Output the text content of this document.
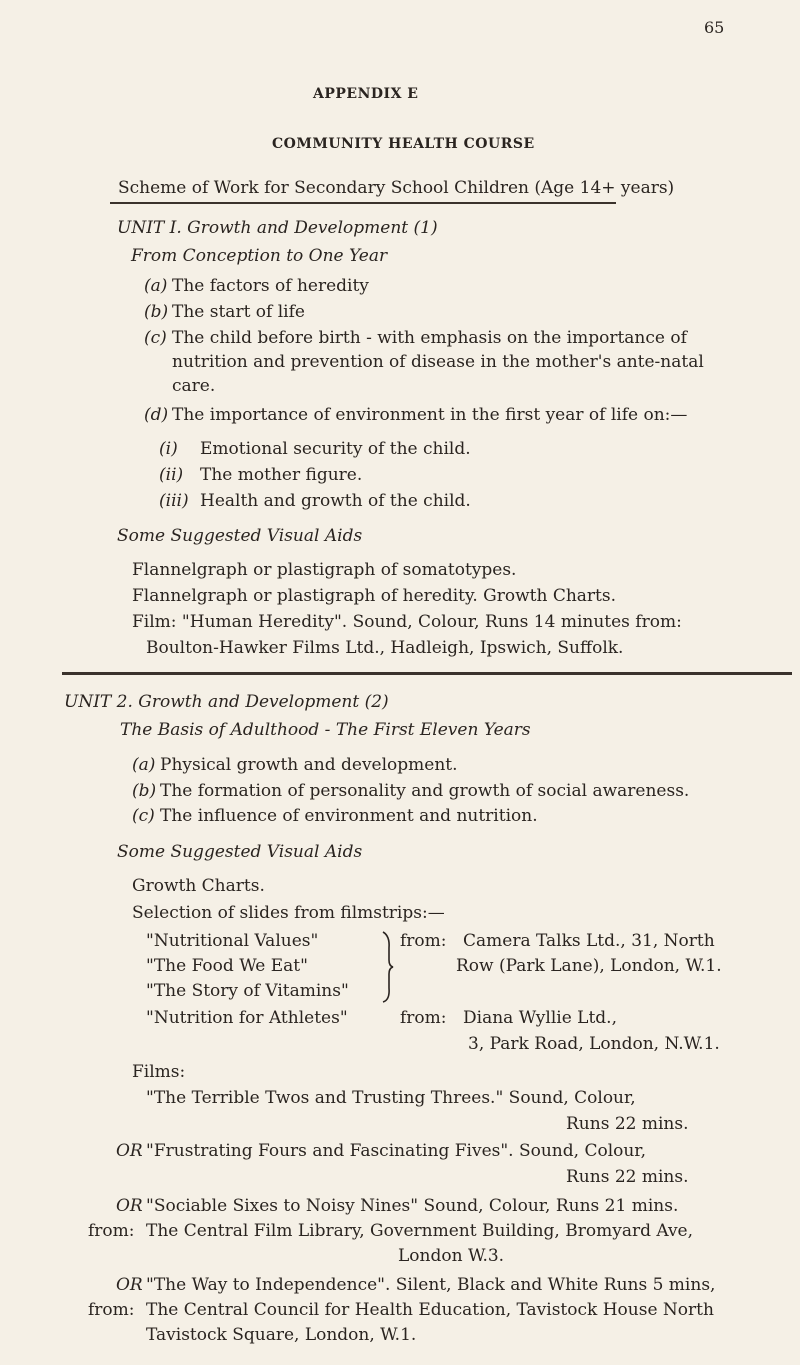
65
APPENDIX E
COMMUNITY HEALTH COURSE
Scheme of Work for Secondary School Children (Age 14+ years)
UNIT I. Growth and Development (1)
From Conception to One Year
(a) The factors of heredity
(b) The start of life
(c) The child before birth - with emphasis on the importance of
nutrition and prevention of disease in the mother's ante-natal
care.
(d) The importance of environment in the first year of life on:—
(i) Emotional security of the child.
(ii) The mother figure.
(iii) Health and growth of the child.
Some Suggested Visual Aids
Flannelgraph or plastigraph of somatotypes.
Flannelgraph or plastigraph of heredity. Growth Charts.
Film: "Human Heredity". Sound, Colour, Runs 14 minutes from:
Boulton-Hawker Films Ltd., Hadleigh, Ipswich, Suffolk.
UNIT 2. Growth and Development (2)
The Basis of Adulthood - The First Eleven Years
(a) Physical growth and development.
(b) The formation of personality and growth of social awareness.
(c) The influence of environment and nutrition.
Some Suggested Visual Aids
Growth Charts.
Selection of slides from filmstrips:—
"Nutritional Values"
"The Food We Eat"
"The Story of Vitamins"
"Nutrition for Athletes"
from: Camera Talks Ltd., 31, North
Row (Park Lane), London, W.1.
from: Diana Wyllie Ltd.,
3, Park Road, London, N.W.1.
Films:
"The Terrible Twos and Trusting Threes." Sound, Colour,
Runs 22 mins.
OR "Frustrating Fours and Fascinating Fives". Sound, Colour,
Runs 22 mins.
OR "Sociable Sixes to Noisy Nines" Sound, Colour, Runs 21 mins.
from: The Central Film Library, Government Building, Bromyard Ave,
London W.3.
OR "The Way to Independence". Silent, Black and White Runs 5 mins,
from: The Central Council for Health Education, Tavistock House North
Tavistock Square, London, W.1.
